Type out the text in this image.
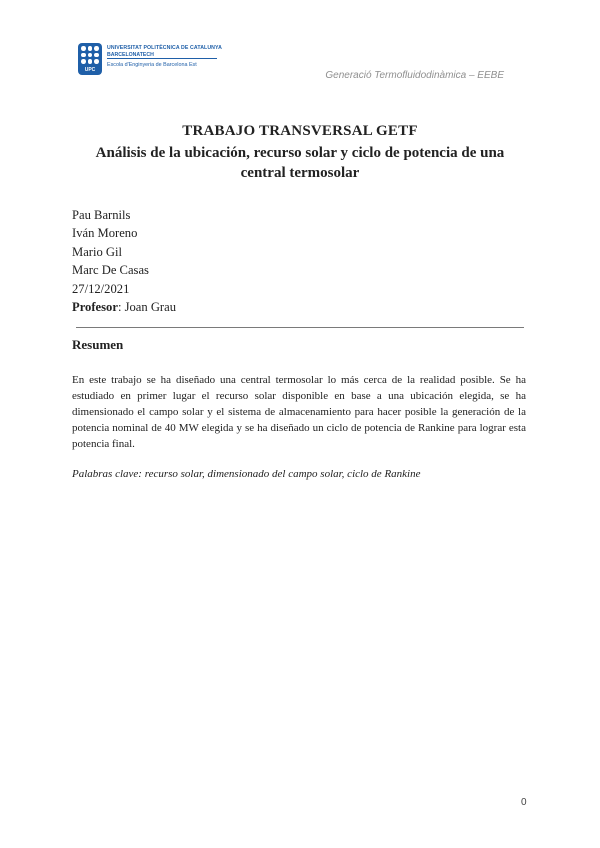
UPC
UNIVERSITAT POLITÈCNICA DE CATALUNYA
BARCELONATECH
Escola d'Enginyeria de Barcelona Est
Generació Termofluidodinàmica – EEBE
TRABAJO TRANSVERSAL GETF
Análisis de la ubicación, recurso solar y ciclo de potencia de una central termosolar
Pau Barnils
Iván Moreno
Mario Gil
Marc De Casas
27/12/2021
Profesor: Joan Grau
Resumen
En este trabajo se ha diseñado una central termosolar lo más cerca de la realidad posible. Se ha estudiado en primer lugar el recurso solar disponible en base a una ubicación elegida, se ha dimensionado el campo solar y el sistema de almacenamiento para hacer posible la generación de la potencia nominal de 40 MW elegida y se ha diseñado un ciclo de potencia de Rankine para lograr esta potencia final.
Palabras clave: recurso solar, dimensionado del campo solar, ciclo de Rankine
0
